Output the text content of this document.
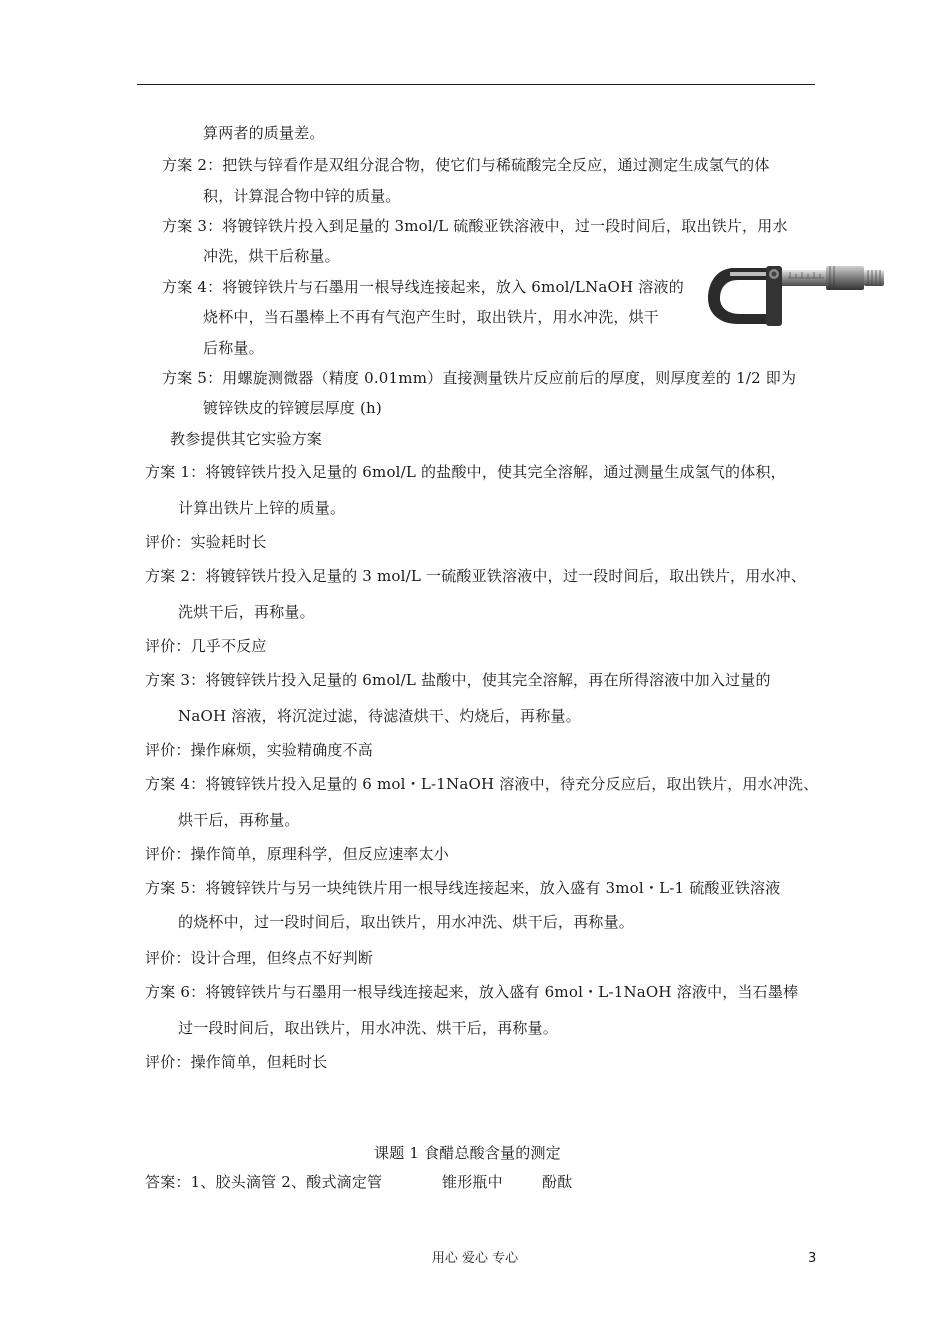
算两者的质量差。
方案 2：把铁与锌看作是双组分混合物，使它们与稀硫酸完全反应，通过测定生成氢气的体
积，计算混合物中锌的质量。
方案 3：将镀锌铁片投入到足量的 3mol/L 硫酸亚铁溶液中，过一段时间后，取出铁片，用水
冲洗，烘干后称量。
方案 4：将镀锌铁片与石墨用一根导线连接起来，放入 6mol/LNaOH 溶液的
烧杯中，当石墨棒上不再有气泡产生时，取出铁片，用水冲洗，烘干
后称量。
方案 5：用螺旋测微器（精度 0.01mm）直接测量铁片反应前后的厚度，则厚度差的 1/2 即为
镀锌铁皮的锌镀层厚度 (h)
教参提供其它实验方案
方案 1：将镀锌铁片投入足量的 6mol/L 的盐酸中，使其完全溶解，通过测量生成氢气的体积，
计算出铁片上锌的质量。
评价：实验耗时长
方案 2：将镀锌铁片投入足量的 3 mol/L 一硫酸亚铁溶液中，过一段时间后，取出铁片，用水冲、
洗烘干后，再称量。
评价：几乎不反应
方案 3：将镀锌铁片投入足量的 6mol/L 盐酸中，使其完全溶解，再在所得溶液中加入过量的
NaOH 溶液，将沉淀过滤，待滤渣烘干、灼烧后，再称量。
评价：操作麻烦，实验精确度不高
方案 4：将镀锌铁片投入足量的 6 mol・L-1NaOH 溶液中，待充分反应后，取出铁片，用水冲洗、
烘干后，再称量。
评价：操作简单，原理科学，但反应速率太小
方案 5：将镀锌铁片与另一块纯铁片用一根导线连接起来，放入盛有 3mol・L-1 硫酸亚铁溶液
的烧杯中，过一段时间后，取出铁片，用水冲洗、烘干后，再称量。
评价：设计合理，但终点不好判断
方案 6：将镀锌铁片与石墨用一根导线连接起来，放入盛有 6mol・L-1NaOH 溶液中，当石墨棒
过一段时间后，取出铁片，用水冲洗、烘干后，再称量。
评价：操作简单，但耗时长
课题 1 食醋总酸含量的测定
答案：1、胶头滴管 2、酸式滴定管	锥形瓶中	酚酞
用心 爱心 专心	3
